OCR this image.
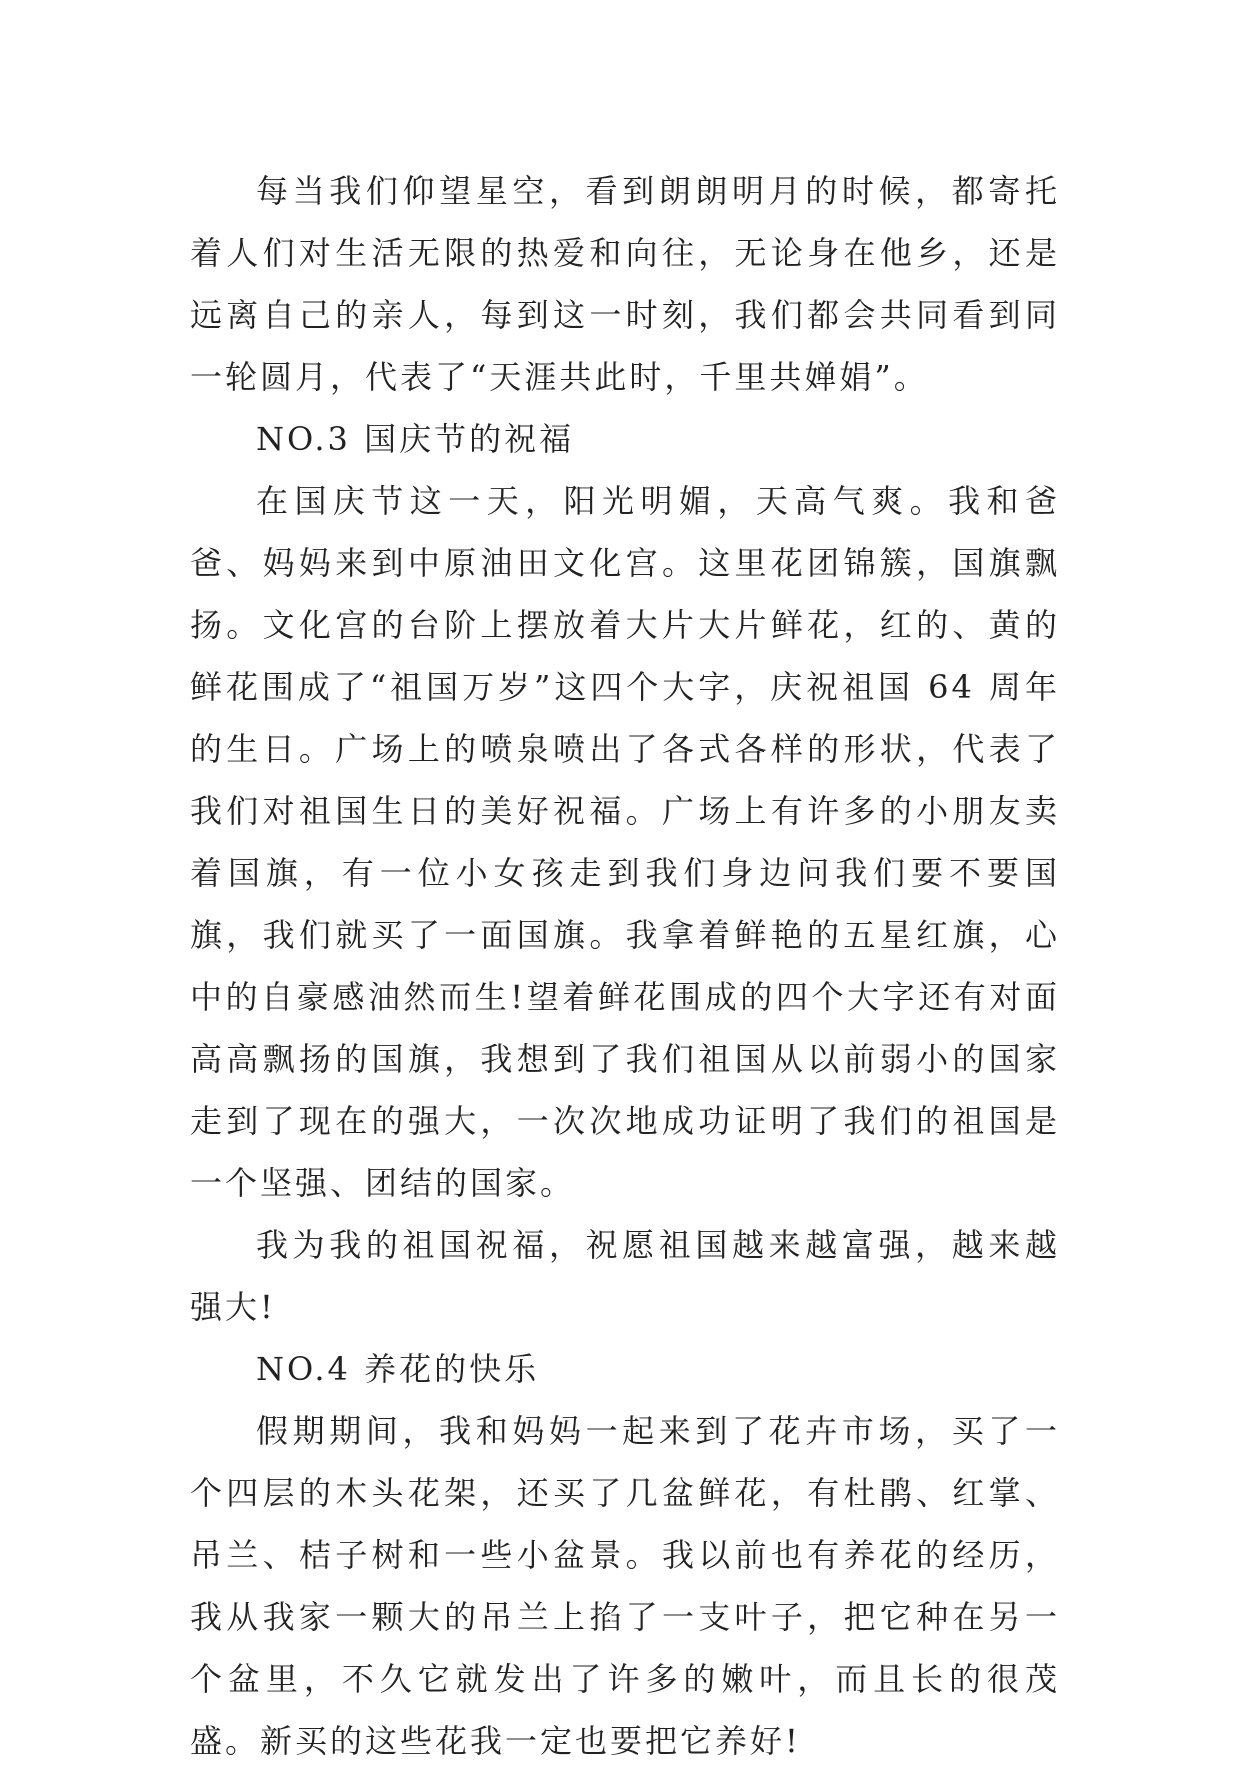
每当我们仰望星空，看到朗朗明月的时候，都寄托着人们对生活无限的热爱和向往，无论身在他乡，还是远离自己的亲人，每到这一时刻，我们都会共同看到同一轮圆月，代表了“天涯共此时，千里共婵娟”。

NO.3 国庆节的祝福

在国庆节这一天，阳光明媚，天高气爽。我和爸爸、妈妈来到中原油田文化宫。这里花团锦簇，国旗飘扬。文化宫的台阶上摆放着大片大片鲜花，红的、黄的鲜花围成了“祖国万岁”这四个大字，庆祝祖国 64 周年的生日。广场上的喷泉喷出了各式各样的形状，代表了我们对祖国生日的美好祝福。广场上有许多的小朋友卖着国旗，有一位小女孩走到我们身边问我们要不要国旗，我们就买了一面国旗。我拿着鲜艳的五星红旗，心中的自豪感油然而生!望着鲜花围成的四个大字还有对面高高飘扬的国旗，我想到了我们祖国从以前弱小的国家走到了现在的强大，一次次地成功证明了我们的祖国是一个坚强、团结的国家。

我为我的祖国祝福，祝愿祖国越来越富强，越来越强大!

NO.4 养花的快乐

假期期间，我和妈妈一起来到了花卉市场，买了一个四层的木头花架，还买了几盆鲜花，有杜鹃、红掌、吊兰、桔子树和一些小盆景。我以前也有养花的经历，我从我家一颗大的吊兰上掐了一支叶子，把它种在另一个盆里，不久它就发出了许多的嫩叶，而且长的很茂盛。新买的这些花我一定也要把它养好!
